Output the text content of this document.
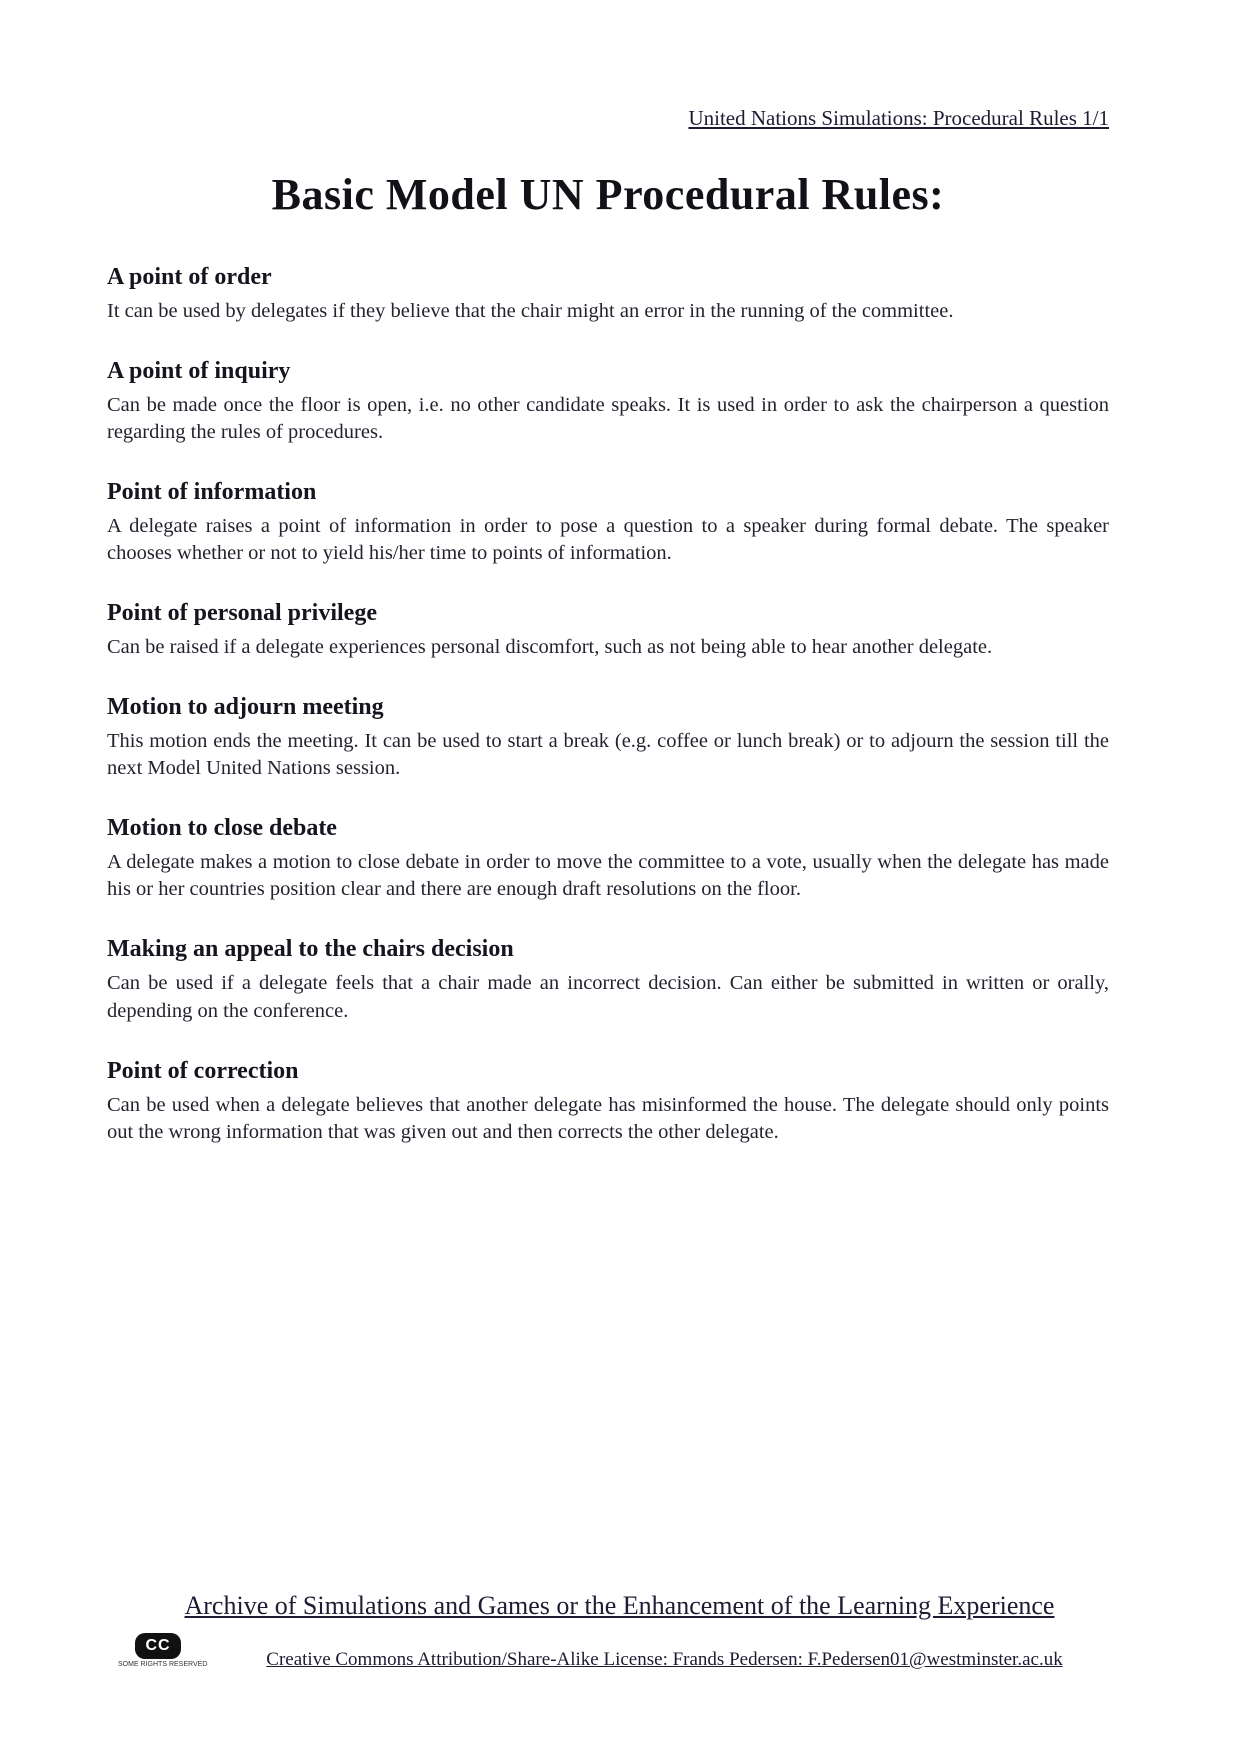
United Nations Simulations: Procedural Rules 1/1
Basic Model UN Procedural Rules:
A point of order

It can be used by delegates if they believe that the chair might an error in the running of the committee.

A point of inquiry

Can be made once the floor is open, i.e. no other candidate speaks. It is used in order to ask the chairperson a question regarding the rules of procedures.

Point of information

A delegate raises a point of information in order to pose a question to a speaker during formal debate. The speaker chooses whether or not to yield his/her time to points of information.

Point of personal privilege

Can be raised if a delegate experiences personal discomfort, such as not being able to hear another delegate.

Motion to adjourn meeting

This motion ends the meeting. It can be used to start a break (e.g. coffee or lunch break) or to adjourn the session till the next Model United Nations session.

Motion to close debate

A delegate makes a motion to close debate in order to move the committee to a vote, usually when the delegate has made his or her countries position clear and there are enough draft resolutions on the floor.

Making an appeal to the chairs decision

Can be used if a delegate feels that a chair made an incorrect decision. Can either be submitted in written or orally, depending on the conference.

Point of correction

Can be used when a delegate believes that another delegate has misinformed the house. The delegate should only points out the wrong information that was given out and then corrects the other delegate.

Archive of Simulations and Games or the Enhancement of the Learning Experience
CC
SOME RIGHTS RESERVED	Creative Commons Attribution/Share-Alike License: Frands Pedersen: F.Pedersen01@westminster.ac.uk
